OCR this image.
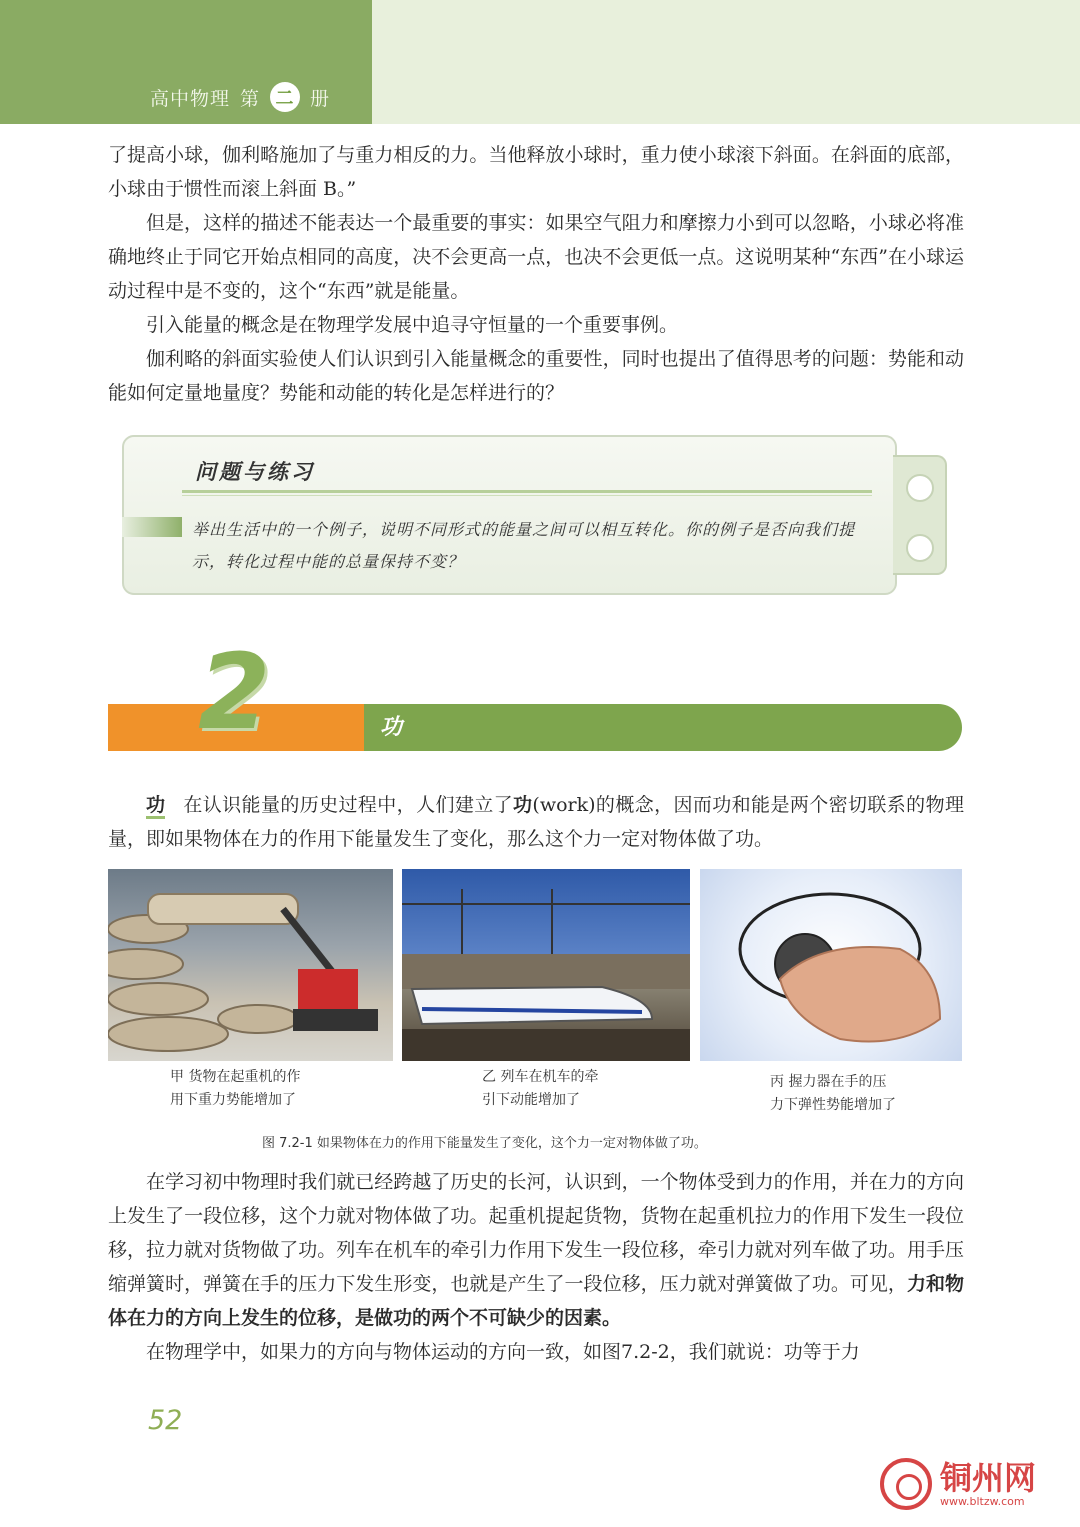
高中物理 第 二 册

了提高小球，伽利略施加了与重力相反的力。当他释放小球时，重力使小球滚下斜面。在斜面的底部，小球由于惯性而滚上斜面 B。”

但是，这样的描述不能表达一个最重要的事实：如果空气阻力和摩擦力小到可以忽略，小球必将准确地终止于同它开始点相同的高度，决不会更高一点，也决不会更低一点。这说明某种“东西”在小球运动过程中是不变的，这个“东西”就是能量。

引入能量的概念是在物理学发展中追寻守恒量的一个重要事例。

伽利略的斜面实验使人们认识到引入能量概念的重要性，同时也提出了值得思考的问题：势能和动能如何定量地量度？势能和动能的转化是怎样进行的？

问题与练习
举出生活中的一个例子，说明不同形式的能量之间可以相互转化。你的例子是否向我们提示，转化过程中能的总量保持不变？
2	功

功 在认识能量的历史过程中，人们建立了功(work)的概念，因而功和能是两个密切联系的物理量，即如果物体在力的作用下能量发生了变化，那么这个力一定对物体做了功。

甲 货物在起重机的作
用下重力势能增加了
乙 列车在机车的牵
引下动能增加了
丙 握力器在手的压
力下弹性势能增加了
图 7.2-1 如果物体在力的作用下能量发生了变化，这个力一定对物体做了功。

在学习初中物理时我们就已经跨越了历史的长河，认识到，一个物体受到力的作用，并在力的方向上发生了一段位移，这个力就对物体做了功。起重机提起货物，货物在起重机拉力的作用下发生一段位移，拉力就对货物做了功。列车在机车的牵引力作用下发生一段位移，牵引力就对列车做了功。用手压缩弹簧时，弹簧在手的压力下发生形变，也就是产生了一段位移，压力就对弹簧做了功。可见，力和物体在力的方向上发生的位移，是做功的两个不可缺少的因素。

在物理学中，如果力的方向与物体运动的方向一致，如图7.2-2，我们就说：功等于力

52
铜州网
www.bltzw.com
